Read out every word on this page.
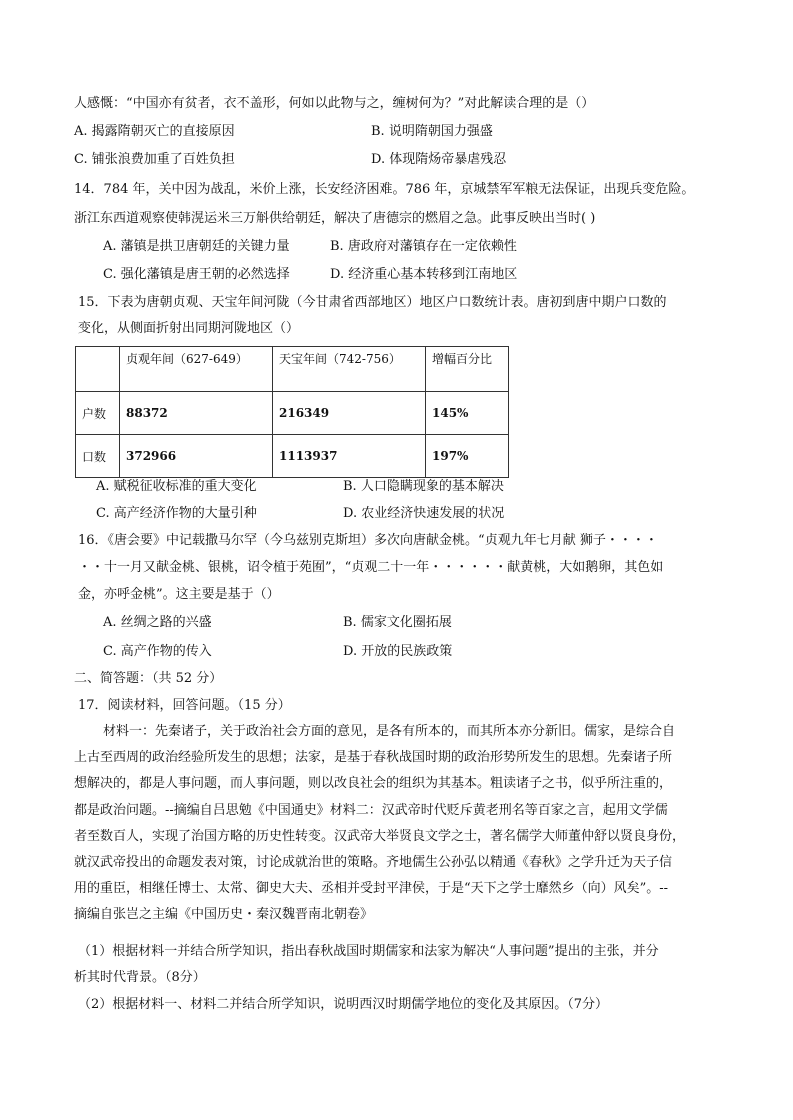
人感慨：“中国亦有贫者，衣不盖形，何如以此物与之，缠树何为？”对此解读合理的是（）
A. 揭露隋朝灭亡的直接原因	B. 说明隋朝国力强盛
C. 铺张浪费加重了百姓负担	D. 体现隋炀帝暴虐残忍
14．784 年，关中因为战乱，米价上涨，长安经济困难。786 年，京城禁军军粮无法保证，出现兵变危险。
浙江东西道观察使韩滉运米三万斛供给朝廷，解决了唐德宗的燃眉之急。此事反映出当时( )
A. 藩镇是拱卫唐朝廷的关键力量	B. 唐政府对藩镇存在一定依赖性
C. 强化藩镇是唐王朝的必然选择	D. 经济重心基本转移到江南地区
15．下表为唐朝贞观、天宝年间河陇（今甘肃省西部地区）地区户口数统计表。唐初到唐中期户口数的
变化，从侧面折射出同期河陇地区（）
	贞观年间（627-649）	天宝年间（742-756）	增幅百分比
户数	88372	216349	145%
口数	372966	1113937	197%
A. 赋税征收标准的重大变化	B. 人口隐瞒现象的基本解决
C. 高产经济作物的大量引种	D. 农业经济快速发展的状况
16．《唐会要》中记载撒马尔罕（今乌兹别克斯坦）多次向唐献金桃。“贞观九年七月献 狮子・・・・
・・十一月又献金桃、银桃，诏令植于苑囿”，“贞观二十一年・・・・・・献黄桃，大如鹅卵，其色如
金，亦呼金桃”。这主要是基于（）
A. 丝绸之路的兴盛	B. 儒家文化圈拓展
C. 高产作物的传入	D. 开放的民族政策
二、简答题：（共 52 分）
17．阅读材料，回答问题。（15 分）
材料一：先秦诸子，关于政治社会方面的意见，是各有所本的，而其所本亦分新旧。儒家，是综合自
上古至西周的政治经验所发生的思想；法家，是基于春秋战国时期的政治形势所发生的思想。先秦诸子所
想解决的，都是人事问题，而人事问题，则以改良社会的组织为其基本。粗读诸子之书，似乎所注重的，
都是政治问题。--摘编自吕思勉《中国通史》材料二：汉武帝时代贬斥黄老刑名等百家之言，起用文学儒
者至数百人，实现了治国方略的历史性转变。汉武帝大举贤良文学之士，著名儒学大师董仲舒以贤良身份，
就汉武帝投出的命题发表对策，讨论成就治世的策略。齐地儒生公孙弘以精通《春秋》之学升迁为天子信
用的重臣，相继任博士、太常、御史大夫、丞相并受封平津侯，于是“天下之学士靡然乡（向）风矣”。--
摘编自张岂之主编《中国历史・秦汉魏晋南北朝卷》
（1）根据材料一并结合所学知识，指出春秋战国时期儒家和法家为解决“人事问题”提出的主张，并分
析其时代背景。（8分）
（2）根据材料一、材料二并结合所学知识，说明西汉时期儒学地位的变化及其原因。（7分）
